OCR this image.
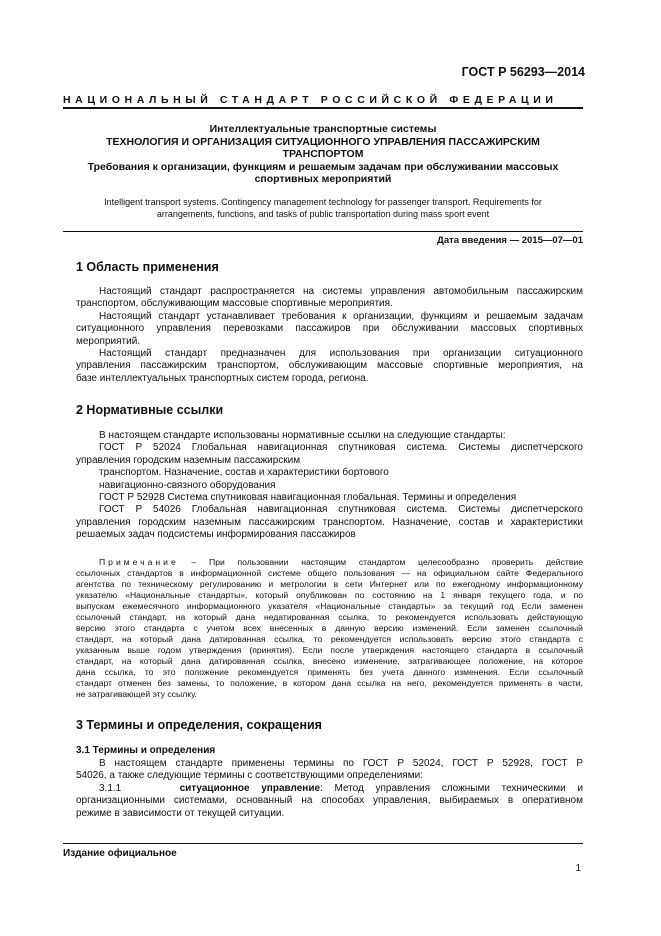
ГОСТ Р 56293—2014
НАЦИОНАЛЬНЫЙ СТАНДАРТ РОССИЙСКОЙ ФЕДЕРАЦИИ
Интеллектуальные транспортные системы
ТЕХНОЛОГИЯ И ОРГАНИЗАЦИЯ СИТУАЦИОННОГО УПРАВЛЕНИЯ ПАССАЖИРСКИМ
ТРАНСПОРТОМ
Требования к организации, функциям и решаемым задачам при обслуживании массовых
спортивных мероприятий
Intelligent transport systems. Contingency management technology for passenger transport. Requirements for
arrangements, functions, and tasks of public transportation during mass sport event
Дата введения — 2015—07—01
1 Область применения
Настоящий стандарт распространяется на системы управления автомобильным пассажирским
транспортом, обслуживающим массовые спортивные мероприятия.
Настоящий стандарт устанавливает требования к организации, функциям и решаемым задачам
ситуационного управления перевозками пассажиров при обслуживании массовых спортивных
мероприятий.
Настоящий стандарт предназначен для использования при организации ситуационного
управления пассажирским транспортом, обслуживающим массовые спортивные мероприятия, на
базе интеллектуальных транспортных систем города, региона.
2 Нормативные ссылки
В настоящем стандарте использованы нормативные ссылки на следующие стандарты:
ГОСТ Р 52024 Глобальная навигационная спутниковая система. Системы диспетчерского
управления городским наземным пассажирским
транспортом. Назначение, состав и характеристики бортового
навигационно-связного оборудования
ГОСТ Р 52928 Система спутниковая навигационная глобальная. Термины и определения
ГОСТ Р 54026 Глобальная навигационная спутниковая система. Системы диспетчерского
управления городским наземным пассажирским транспортом. Назначение, состав и характеристики
решаемых задач подсистемы информирования пассажиров
Примечание – При пользовании настоящим стандартом целесообразно проверить действие
ссылочных стандартов в информационной системе общего пользования — на официальном сайте Федерального
агентства по техническому регулированию и метрологии в сети Интернет или по ежегодному информационному
указателю «Национальные стандарты», который опубликован по состоянию на 1 января текущего года, и по
выпускам ежемесячного информационного указателя «Национальные стандарты» за текущий год Если заменен
ссылочный стандарт, на который дана недатированная ссылка, то рекомендуется использовать действующую
версию этого стандарта с учетом всех внесенных в данную версию изменений. Если заменен ссылочный
стандарт, на который дана датированная ссылка, то рекомендуется использовать версию этого стандарта с
указанным выше годом утверждения (принятия). Если после утверждения настоящего стандарта в ссылочный
стандарт, на который дана датированная ссылка, внесено изменение, затрагивающее положение, на которое
дана ссылка, то это положение рекомендуется применять без учета данного изменения. Если ссылочный
стандарт отменен без замены, то положение, в котором дана ссылка на него, рекомендуется применять в части,
не затрагивающей эту ссылку.
3 Термины и определения, сокращения
3.1 Термины и определения
В настоящем стандарте применены термины по ГОСТ Р 52024, ГОСТ Р 52928, ГОСТ Р
54026, а также следующие термины с соответствующими определениями:
3.1.1	ситуационное управление: Метод управления сложными техническими и
организационными системами, основанный на способах управления, выбираемых в оперативном
режиме в зависимости от текущей ситуации.
Издание официальное
1
